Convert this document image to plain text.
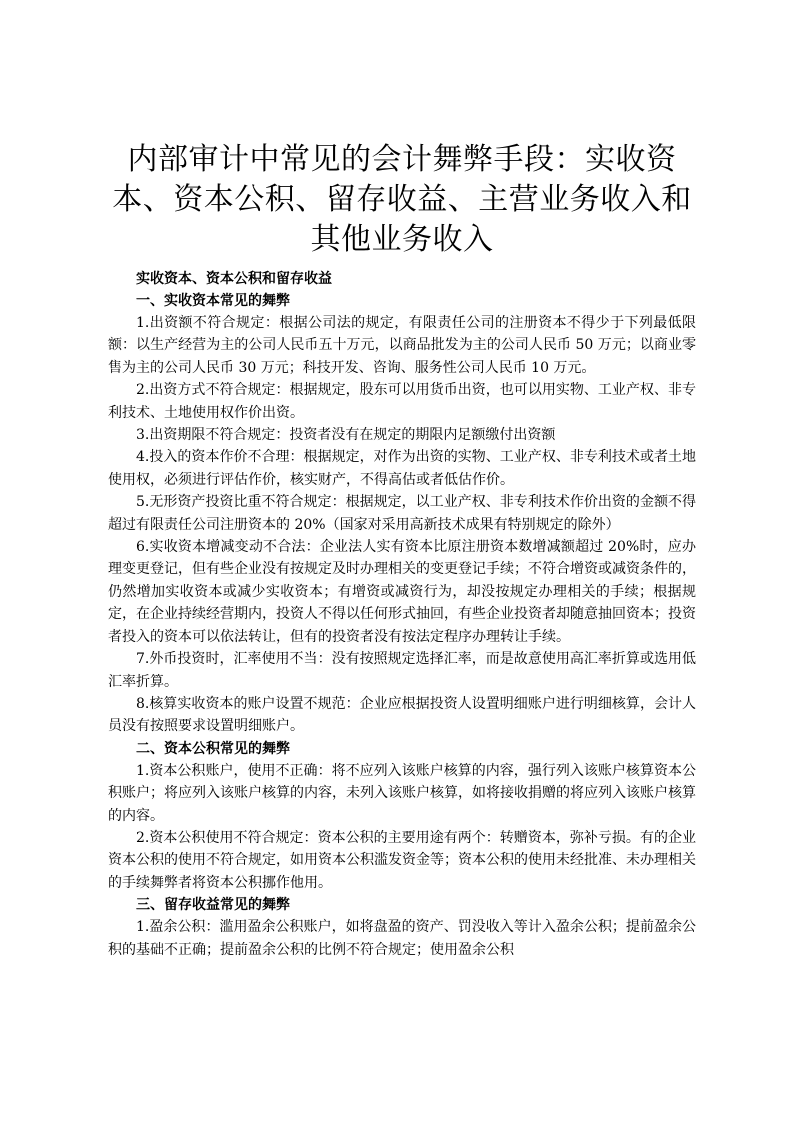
内部审计中常见的会计舞弊手段：实收资本、资本公积、留存收益、主营业务收入和其他业务收入

实收资本、资本公积和留存收益

一、实收资本常见的舞弊

1.出资额不符合规定：根据公司法的规定，有限责任公司的注册资本不得少于下列最低限额：以生产经营为主的公司人民币五十万元，以商品批发为主的公司人民币 50 万元；以商业零售为主的公司人民币 30 万元；科技开发、咨询、服务性公司人民币 10 万元。

2.出资方式不符合规定：根据规定，股东可以用货币出资，也可以用实物、工业产权、非专利技术、土地使用权作价出资。

3.出资期限不符合规定：投资者没有在规定的期限内足额缴付出资额

4.投入的资本作价不合理：根据规定，对作为出资的实物、工业产权、非专利技术或者土地使用权，必须进行评估作价，核实财产，不得高估或者低估作价。

5.无形资产投资比重不符合规定：根据规定，以工业产权、非专利技术作价出资的金额不得超过有限责任公司注册资本的 20%（国家对采用高新技术成果有特别规定的除外）

6.实收资本增减变动不合法：企业法人实有资本比原注册资本数增减额超过 20%时，应办理变更登记，但有些企业没有按规定及时办理相关的变更登记手续；不符合增资或减资条件的，仍然增加实收资本或减少实收资本；有增资或减资行为，却没按规定办理相关的手续；根据规定，在企业持续经营期内，投资人不得以任何形式抽回，有些企业投资者却随意抽回资本；投资者投入的资本可以依法转让，但有的投资者没有按法定程序办理转让手续。

7.外币投资时，汇率使用不当：没有按照规定选择汇率，而是故意使用高汇率折算或选用低汇率折算。

8.核算实收资本的账户设置不规范：企业应根据投资人设置明细账户进行明细核算，会计人员没有按照要求设置明细账户。

二、资本公积常见的舞弊

1.资本公积账户，使用不正确：将不应列入该账户核算的内容，强行列入该账户核算资本公积账户；将应列入该账户核算的内容，未列入该账户核算，如将接收捐赠的将应列入该账户核算的内容。

2.资本公积使用不符合规定：资本公积的主要用途有两个：转赠资本，弥补亏损。有的企业资本公积的使用不符合规定，如用资本公积滥发资金等；资本公积的使用未经批准、未办理相关的手续舞弊者将资本公积挪作他用。

三、留存收益常见的舞弊

1.盈余公积：滥用盈余公积账户，如将盘盈的资产、罚没收入等计入盈余公积；提前盈余公积的基础不正确；提前盈余公积的比例不符合规定；使用盈余公积
